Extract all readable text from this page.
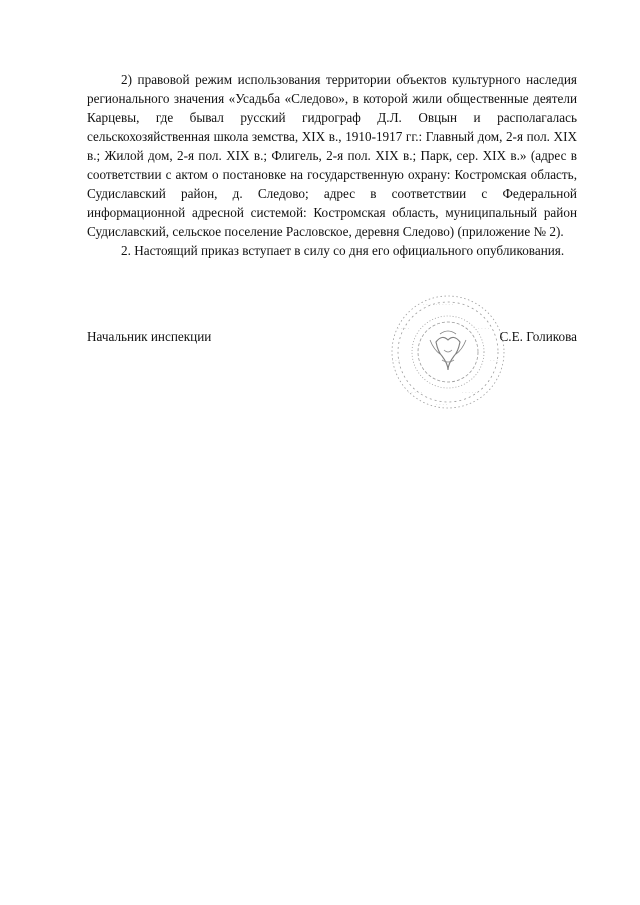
2) правовой режим использования территории объектов культурного наследия регионального значения «Усадьба «Следово», в которой жили общественные деятели Карцевы, где бывал русский гидрограф Д.Л. Овцын и располагалась сельскохозяйственная школа земства, XIX в., 1910-1917 гг.: Главный дом, 2-я пол. XIX в.; Жилой дом, 2-я пол. XIX в.; Флигель, 2-я пол. XIX в.; Парк, сер. XIX в.» (адрес в соответствии с актом о постановке на государственную охрану: Костромская область, Судиславский район, д. Следово; адрес в соответствии с Федеральной информационной адресной системой: Костромская область, муниципальный район Судиславский, сельское поселение Расловское, деревня Следово) (приложение № 2).

2. Настоящий приказ вступает в силу со дня его официального опубликования.

· · · · · · · · · ·
· · · ·	· · · ·
· · ·	· · ·
· · · · ·	· · · · ·
· · · ·
Начальник инспекции	С.Е. Голикова
